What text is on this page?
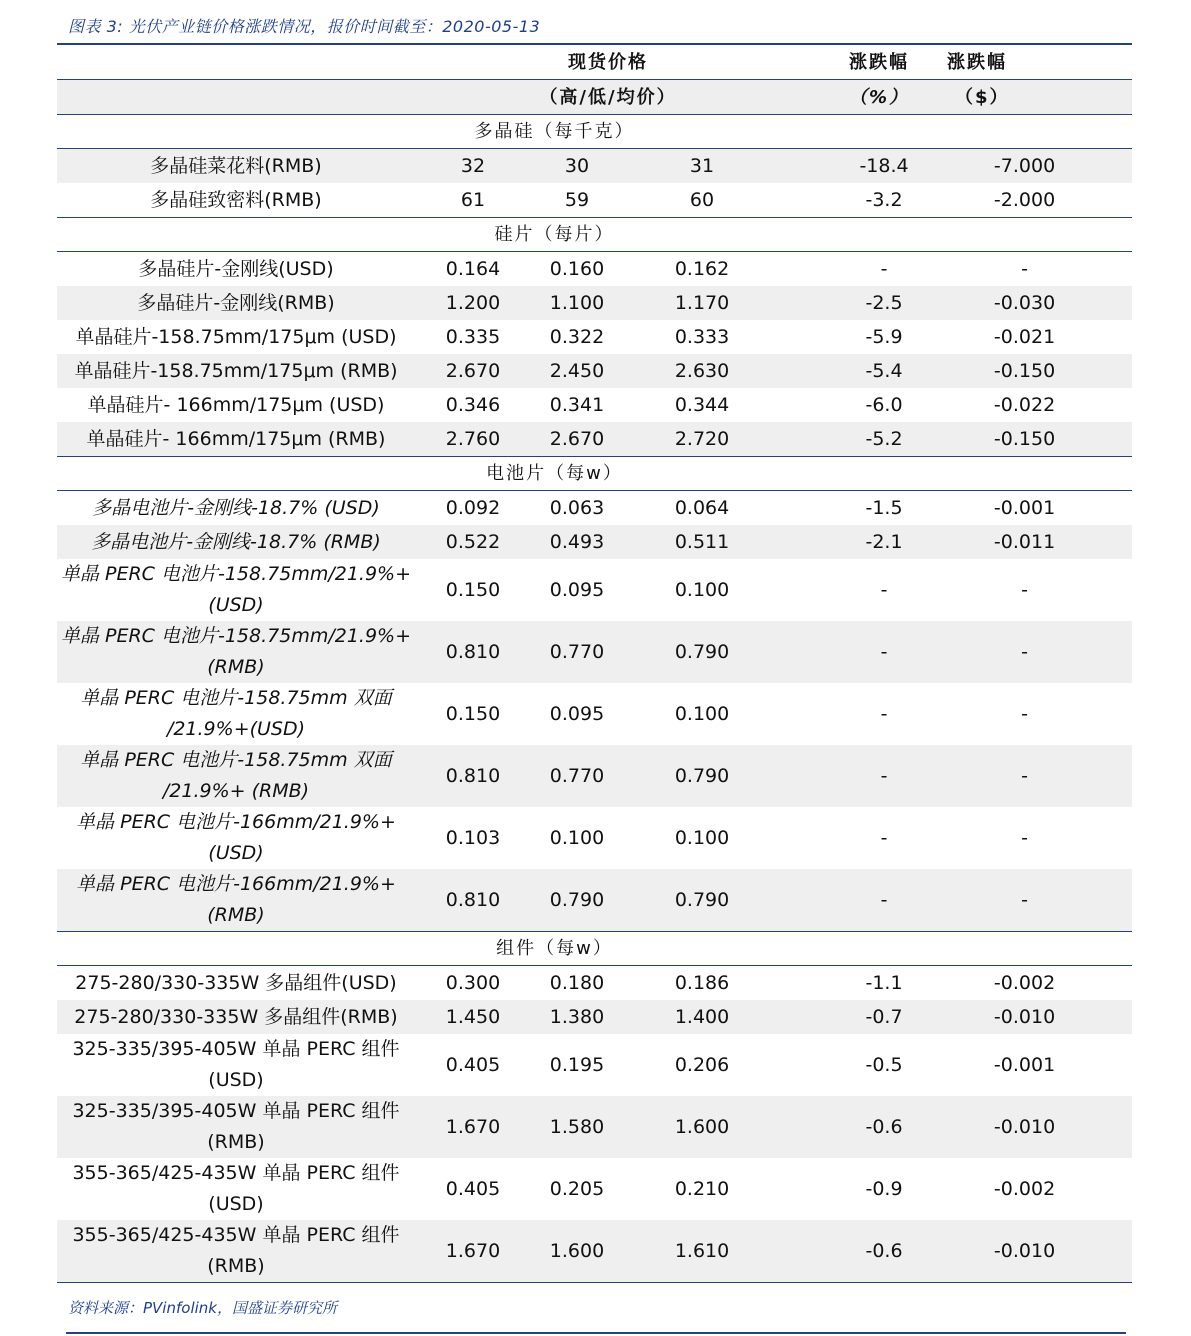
图表 3: 光伏产业链价格涨跌情况，报价时间截至：2020-05-13
	现货价格			涨跌幅	涨跌幅
	（高/低/均价）			（%）	（$）
多晶硅（每千克）					

多晶硅菜花料(RMB)	32	30	31	-18.4	-7.000

多晶硅致密料(RMB)	61	59	60	-3.2	-2.000
硅片（每片）					

多晶硅片-金刚线(USD)	0.164	0.160	0.162	-	-

多晶硅片-金刚线(RMB)	1.200	1.100	1.170	-2.5	-0.030

单晶硅片-158.75mm/175μm (USD)	0.335	0.322	0.333	-5.9	-0.021

单晶硅片-158.75mm/175μm (RMB)	2.670	2.450	2.630	-5.4	-0.150

单晶硅片- 166mm/175μm (USD)	0.346	0.341	0.344	-6.0	-0.022

单晶硅片- 166mm/175μm (RMB)	2.760	2.670	2.720	-5.2	-0.150
电池片（每w）					

多晶电池片-金刚线-18.7% (USD)	0.092	0.063	0.064	-1.5	-0.001

多晶电池片-金刚线-18.7% (RMB)	0.522	0.493	0.511	-2.1	-0.011

单晶 PERC 电池片-158.75mm/21.9%+
(USD)	0.150	0.095	0.100	-	-

单晶 PERC 电池片-158.75mm/21.9%+
(RMB)	0.810	0.770	0.790	-	-

单晶 PERC 电池片-158.75mm 双面
/21.9%+(USD)	0.150	0.095	0.100	-	-

单晶 PERC 电池片-158.75mm 双面
/21.9%+ (RMB)	0.810	0.770	0.790	-	-

单晶 PERC 电池片-166mm/21.9%+
(USD)	0.103	0.100	0.100	-	-

单晶 PERC 电池片-166mm/21.9%+
(RMB)	0.810	0.790	0.790	-	-
组件（每w）					

275-280/330-335W 多晶组件(USD)	0.300	0.180	0.186	-1.1	-0.002

275-280/330-335W 多晶组件(RMB)	1.450	1.380	1.400	-0.7	-0.010

325-335/395-405W 单晶 PERC 组件
(USD)	0.405	0.195	0.206	-0.5	-0.001

325-335/395-405W 单晶 PERC 组件
(RMB)	1.670	1.580	1.600	-0.6	-0.010

355-365/425-435W 单晶 PERC 组件
(USD)	0.405	0.205	0.210	-0.9	-0.002

355-365/425-435W 单晶 PERC 组件
(RMB)	1.670	1.600	1.610	-0.6	-0.010
资料来源：PVinfolink，国盛证券研究所
